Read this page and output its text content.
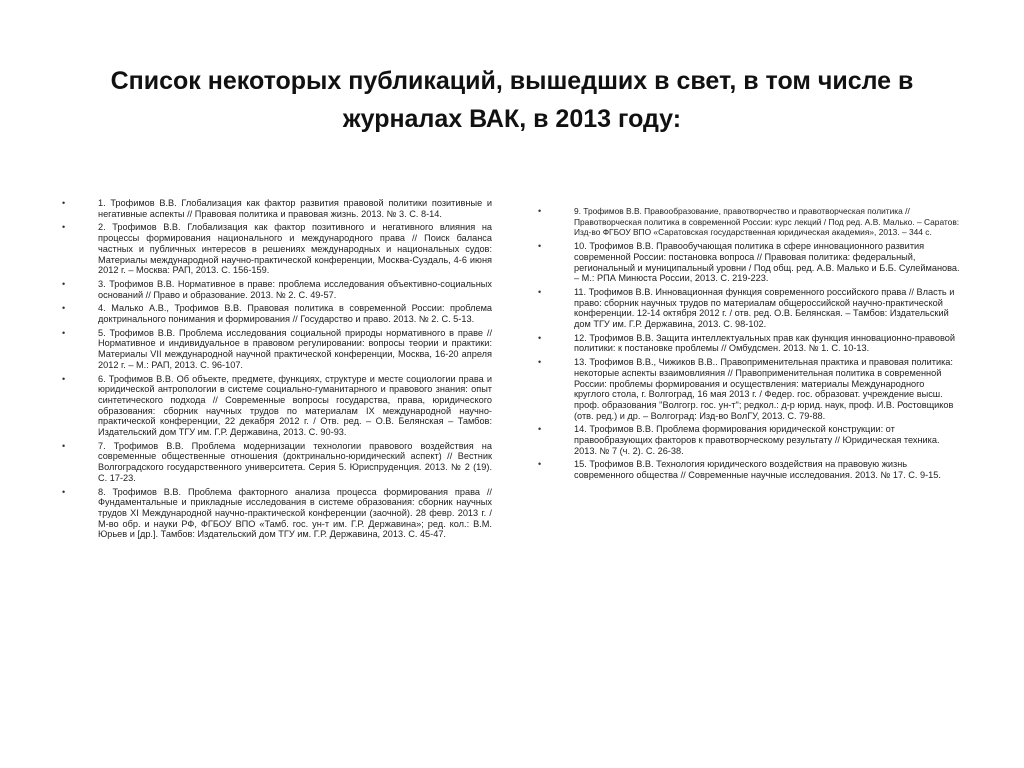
Список некоторых публикаций, вышедших в свет, в том числе в журналах ВАК, в 2013 году:
•	1. Трофимов В.В. Глобализация как фактор развития правовой политики позитивные и негативные аспекты // Правовая политика и правовая жизнь. 2013. № 3. С. 8-14.
•	2. Трофимов В.В. Глобализация как фактор позитивного и негативного влияния на процессы формирования национального и международного права // Поиск баланса частных и публичных интересов в решениях международных и национальных судов: Материалы международной научно-практической конференции, Москва-Суздаль, 4-6 июня 2012 г. – Москва: РАП, 2013. С. 156-159.
•	3. Трофимов В.В. Нормативное в праве: проблема исследования объективно-социальных оснований // Право и образование. 2013. № 2. С. 49-57.
•	4. Малько А.В., Трофимов В.В. Правовая политика в современной России: проблема доктринального понимания и формирования // Государство и право. 2013. № 2. С. 5-13.
•	5. Трофимов В.В. Проблема исследования социальной природы нормативного в праве // Нормативное и индивидуальное в правовом регулировании: вопросы теории и практики: Материалы VII международной научной практической конференции, Москва, 16-20 апреля 2012 г. – М.: РАП, 2013. С. 96-107.
•	6. Трофимов В.В. Об объекте, предмете, функциях, структуре и месте социологии права и юридической антропологии в системе социально-гуманитарного и правового знания: опыт синтетического подхода // Современные вопросы государства, права, юридического образования: сборник научных трудов по материалам IX международной научно-практической конференции, 22 декабря 2012 г. / Отв. ред. – О.В. Белянская – Тамбов: Издательский дом ТГУ им. Г.Р. Державина, 2013. С. 90-93.
•	7. Трофимов В.В. Проблема модернизации технологии правового воздействия на современные общественные отношения (доктринально-юридический аспект) // Вестник Волгоградского государственного университета. Серия 5. Юриспруденция. 2013. № 2 (19). С. 17-23.
•	8. Трофимов В.В. Проблема факторного анализа процесса формирования права // Фундаментальные и прикладные исследования в системе образования: сборник научных трудов XI Международной научно-практической конференции (заочной). 28 февр. 2013 г. / М-во обр. и науки РФ, ФГБОУ ВПО «Тамб. гос. ун-т им. Г.Р. Державина»; ред. кол.: В.М. Юрьев и [др.]. Тамбов: Издательский дом ТГУ им. Г.Р. Державина, 2013. С. 45-47.
•	9. Трофимов В.В. Правообразование, правотворчество и правотворческая политика // Правотворческая политика в современной России: курс лекций / Под ред. А.В. Малько. – Саратов: Изд-во ФГБОУ ВПО «Саратовская государственная юридическая академия», 2013. – 344 с.
•	10. Трофимов В.В. Правообучающая политика в сфере инновационного развития современной России: постановка вопроса // Правовая политика: федеральный, региональный и муниципальный уровни / Под общ. ред. А.В. Малько и Б.Б. Сулейманова. – М.: РПА Минюста России, 2013. С. 219-223.
•	11. Трофимов В.В. Инновационная функция современного российского права // Власть и право: сборник научных трудов по материалам общероссийской научно-практической конференции. 12-14 октября 2012 г. / отв. ред. О.В. Белянская. – Тамбов: Издательский дом ТГУ им. Г.Р. Державина, 2013. С. 98-102.
•	12. Трофимов В.В. Защита интеллектуальных прав как функция инновационно-правовой политики: к постановке проблемы // Омбудсмен. 2013. № 1. С. 10-13.
•	13. Трофимов В.В., Чижиков В.В.. Правоприменительная практика и правовая политика: некоторые аспекты взаимовлияния // Правоприменительная политика в современной России: проблемы формирования и осуществления: материалы Международного круглого стола, г. Волгоград, 16 мая 2013 г. / Федер. гос. образоват. учреждение высш. проф. образования "Волгогр. гос. ун-т"; редкол.: д-р юрид. наук, проф. И.В. Ростовщиков (отв. ред.) и др. – Волгоград: Изд-во ВолГУ, 2013. С. 79-88.
•	14. Трофимов В.В. Проблема формирования юридической конструкции: от правообразующих факторов к правотворческому результату // Юридическая техника. 2013. № 7 (ч. 2). С. 26-38.
•	15. Трофимов В.В. Технология юридического воздействия на правовую жизнь современного общества // Современные научные исследования. 2013. № 17. С. 9-15.
